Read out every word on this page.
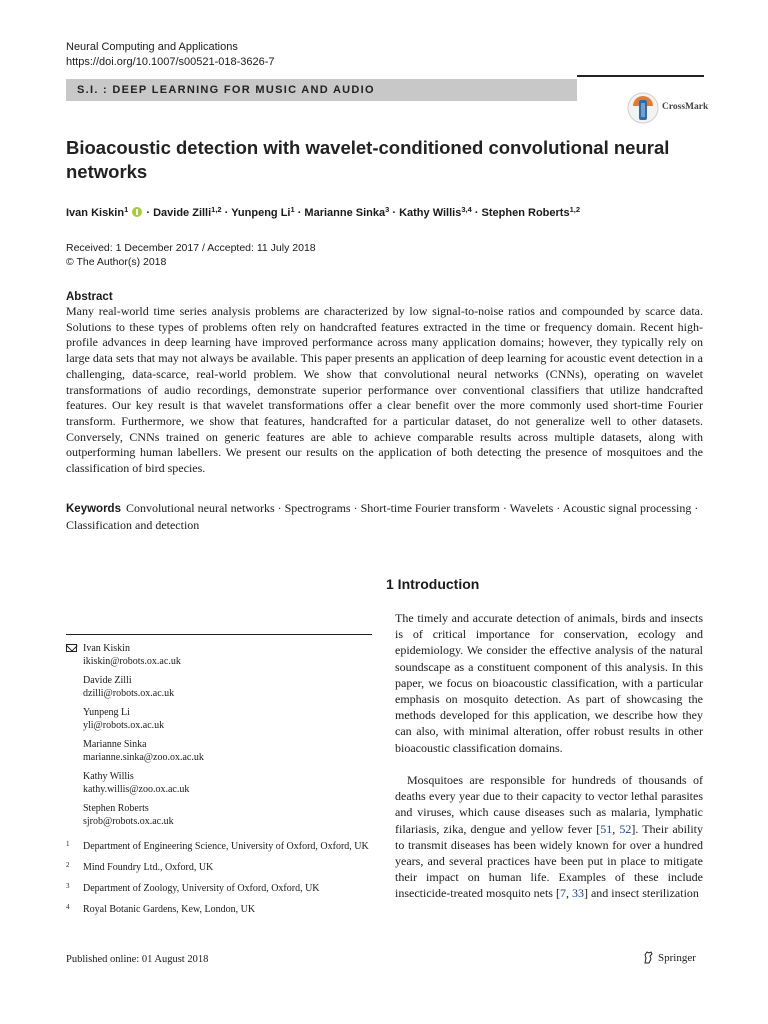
Neural Computing and Applications
https://doi.org/10.1007/s00521-018-3626-7
S.I. : DEEP LEARNING FOR MUSIC AND AUDIO
CrossMark
Bioacoustic detection with wavelet-conditioned convolutional neural networks
Ivan Kiskin$^1$  · Davide Zilli$^{1,2}$ · Yunpeng $Li^1$ · Marianne Sinka$^3$ · Kathy Willis$^{3,4}$ · Stephen Roberts$^{1,2}$
Received: 1 December 2017 / Accepted: 11 July 2018
© The Author(s) 2018
Abstract
Many real-world time series analysis problems are characterized by low signal-to-noise ratios and compounded by scarce data. Solutions to these types of problems often rely on handcrafted features extracted in the time or frequency domain. Recent high-profile advances in deep learning have improved performance across many application domains; however, they typically rely on large data sets that may not always be available. This paper presents an application of deep learning for acoustic event detection in a challenging, data-scarce, real-world problem. We show that convolutional neural networks (CNNs), operating on wavelet transformations of audio recordings, demonstrate superior performance over conventional classifiers that utilize handcrafted features. Our key result is that wavelet transformations offer a clear benefit over the more commonly used short-time Fourier transform. Furthermore, we show that features, handcrafted for a particular dataset, do not generalize well to other datasets. Conversely, CNNs trained on generic features are able to achieve comparable results across multiple datasets, along with outperforming human labellers. We present our results on the application of both detecting the presence of mosquitoes and the classification of bird species.
Keywords Convolutional neural networks · Spectrograms · Short-time Fourier transform · Wavelets · Acoustic signal processing · Classification and detection
1 Introduction
The timely and accurate detection of animals, birds and insects is of critical importance for conservation, ecology and epidemiology. We consider the effective analysis of the natural soundscape as a constituent component of this analysis. In this paper, we focus on bioacoustic classification, with a particular emphasis on mosquito detection. As part of showcasing the methods developed for this application, we describe how they can also, with minimal alteration, offer robust results in other bioacoustic classification domains.
Mosquitoes are responsible for hundreds of thousands of deaths every year due to their capacity to vector lethal parasites and viruses, which cause diseases such as malaria, lymphatic filariasis, zika, dengue and yellow fever [51, 52]. Their ability to transmit diseases has been widely known for over a hundred years, and several practices have been put in place to mitigate their impact on human life. Examples of these include insecticide-treated mosquito nets [7, 33] and insect sterilization
Ivan Kiskin
ikiskin@robots.ox.ac.uk
Davide Zilli
dzilli@robots.ox.ac.uk
Yunpeng Li
yli@robots.ox.ac.uk
Marianne Sinka
marianne.sinka@zoo.ox.ac.uk
Kathy Willis
kathy.willis@zoo.ox.ac.uk
Stephen Roberts
sjrob@robots.ox.ac.uk
1 Department of Engineering Science, University of Oxford, Oxford, UK
2 Mind Foundry Ltd., Oxford, UK
3 Department of Zoology, University of Oxford, Oxford, UK
4 Royal Botanic Gardens, Kew, London, UK
Published online: 01 August 2018	Springer
